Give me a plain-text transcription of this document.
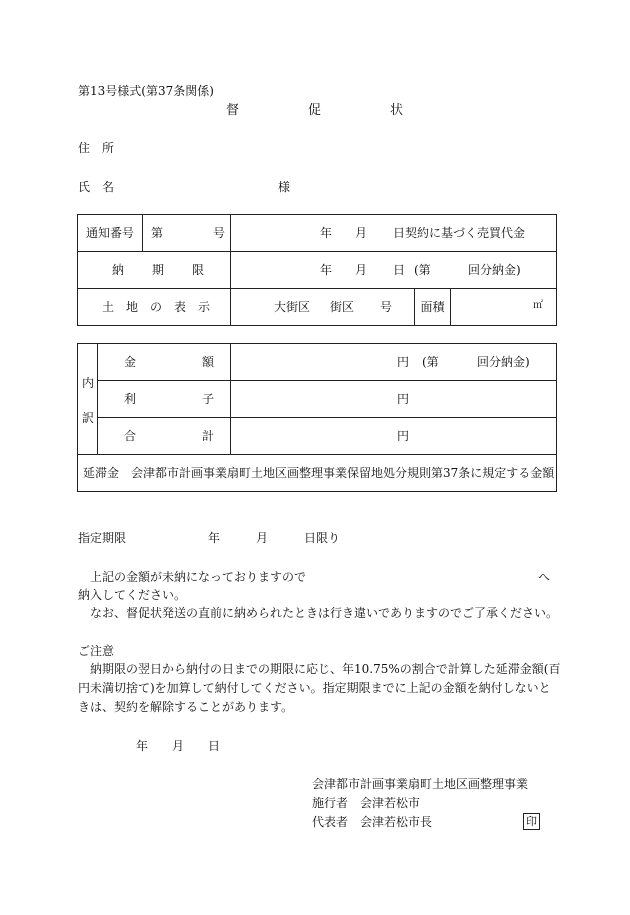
第13号様式(第37条関係)
督	促	状
住 所
氏 名	様
通知番号	第 号	年 月 日契約に基づく売買代金		

納 期 限		年 月 日 (第 回分納金)		

土 地 の 表 示		大街区 街区 号	面積	㎡
内
訳	金 額	円 (第 回分納金)

	利 子	円

	合 計	円

延滞金　会津都市計画事業扇町土地区画整理事業保留地処分規則第37条に規定する金額		
指定期限	年	月	日限り
上記の金額が未納になっておりますので	へ
納入してください。
なお、督促状発送の直前に納められたときは行き違いでありますのでご了承ください。
ご注意
納期限の翌日から納付の日までの期限に応じ、年10.75%の割合で計算した延滞金額(百
円未満切捨て)を加算して納付してください。指定期限までに上記の金額を納付しないと
きは、契約を解除することがあります。
年 月 日
会津都市計画事業扇町土地区画整理事業
施行者 会津若松市
代表者 会津若松市長	印
